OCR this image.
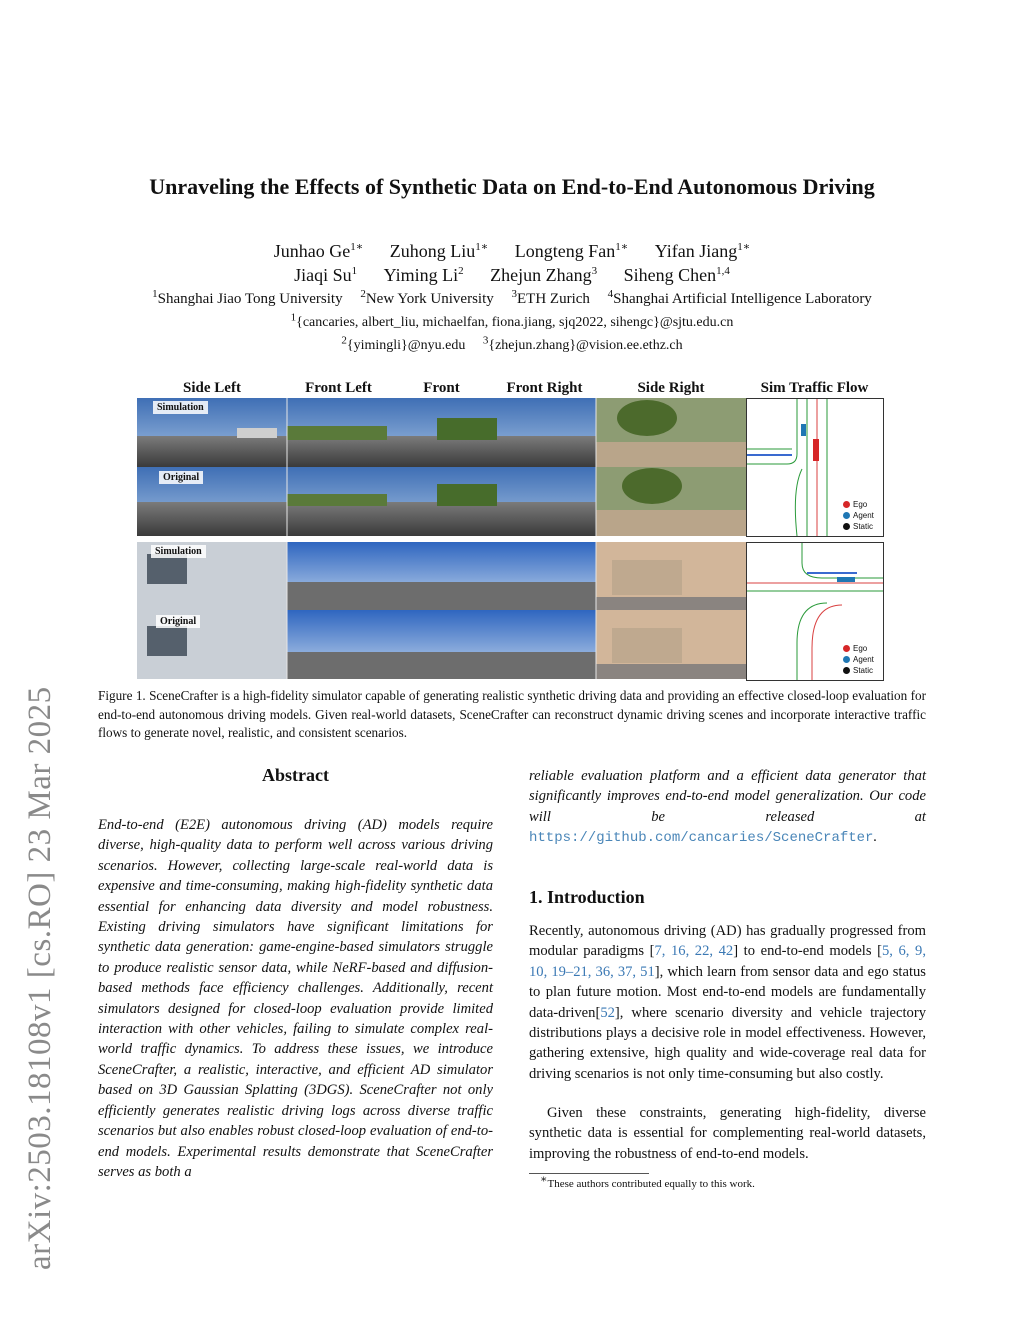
arXiv:2503.18108v1 [cs.RO] 23 Mar 2025
Unraveling the Effects of Synthetic Data on End-to-End Autonomous Driving
Junhao $Ge^{1∗}$ Zuhong Liu$^{1∗}$ Longteng Fan$^{1∗}$ Yifan Jiang$^{1∗}$
Jiaqi Su$^1$ Yiming Li$^2$ Zhejun Zhang$^3$ Siheng Chen$^{1,4}$
$^1$Shanghai Jiao Tong University $^2$New York University $^3$ETH Zurich $^4$Shanghai Artificial Intelligence Laboratory
$^1${cancaries, albert_liu, michaelfan, fiona.jiang, sjq2022, sihengc}@sjtu.edu.cn
$^2${yimingli}@nyu.edu $^3${zhejun.zhang}@vision.ee.ethz.ch
Side Left	Front Left	Front	Front Right	Side Right	Sim Traffic Flow
Simulation
Original
Ego
Agent
Static
Simulation
Original
Ego
Agent
Static
Figure 1. SceneCrafter is a high-fidelity simulator capable of generating realistic synthetic driving data and providing an effective closed-loop evaluation for end-to-end autonomous driving models. Given real-world datasets, SceneCrafter can reconstruct dynamic driving scenes and incorporate interactive traffic flows to generate novel, realistic, and consistent scenarios.
Abstract
End-to-end (E2E) autonomous driving (AD) models require diverse, high-quality data to perform well across various driving scenarios. However, collecting large-scale real-world data is expensive and time-consuming, making high-fidelity synthetic data essential for enhancing data diversity and model robustness. Existing driving simulators have significant limitations for synthetic data generation: game-engine-based simulators struggle to produce realistic sensor data, while NeRF-based and diffusion-based methods face efficiency challenges. Additionally, recent simulators designed for closed-loop evaluation provide limited interaction with other vehicles, failing to simulate complex real-world traffic dynamics. To address these issues, we introduce SceneCrafter, a realistic, interactive, and efficient AD simulator based on 3D Gaussian Splatting (3DGS). SceneCrafter not only efficiently generates realistic driving logs across diverse traffic scenarios but also enables robust closed-loop evaluation of end-to-end models. Experimental results demonstrate that SceneCrafter serves as both a
reliable evaluation platform and a efficient data generator that significantly improves end-to-end model generalization. Our code will be released at https://github.com/cancaries/SceneCrafter.
1. Introduction
Recently, autonomous driving (AD) has gradually progressed from modular paradigms [7, 16, 22, 42] to end-to-end models [5, 6, 9, 10, 19–21, 36, 37, 51], which learn from sensor data and ego status to plan future motion. Most end-to-end models are fundamentally data-driven[52], where scenario diversity and vehicle trajectory distributions plays a decisive role in model effectiveness. However, gathering extensive, high quality and wide-coverage real data for driving scenarios is not only time-consuming but also costly.
Given these constraints, generating high-fidelity, diverse synthetic data is essential for complementing real-world datasets, improving the robustness of end-to-end models.
∗These authors contributed equally to this work.
